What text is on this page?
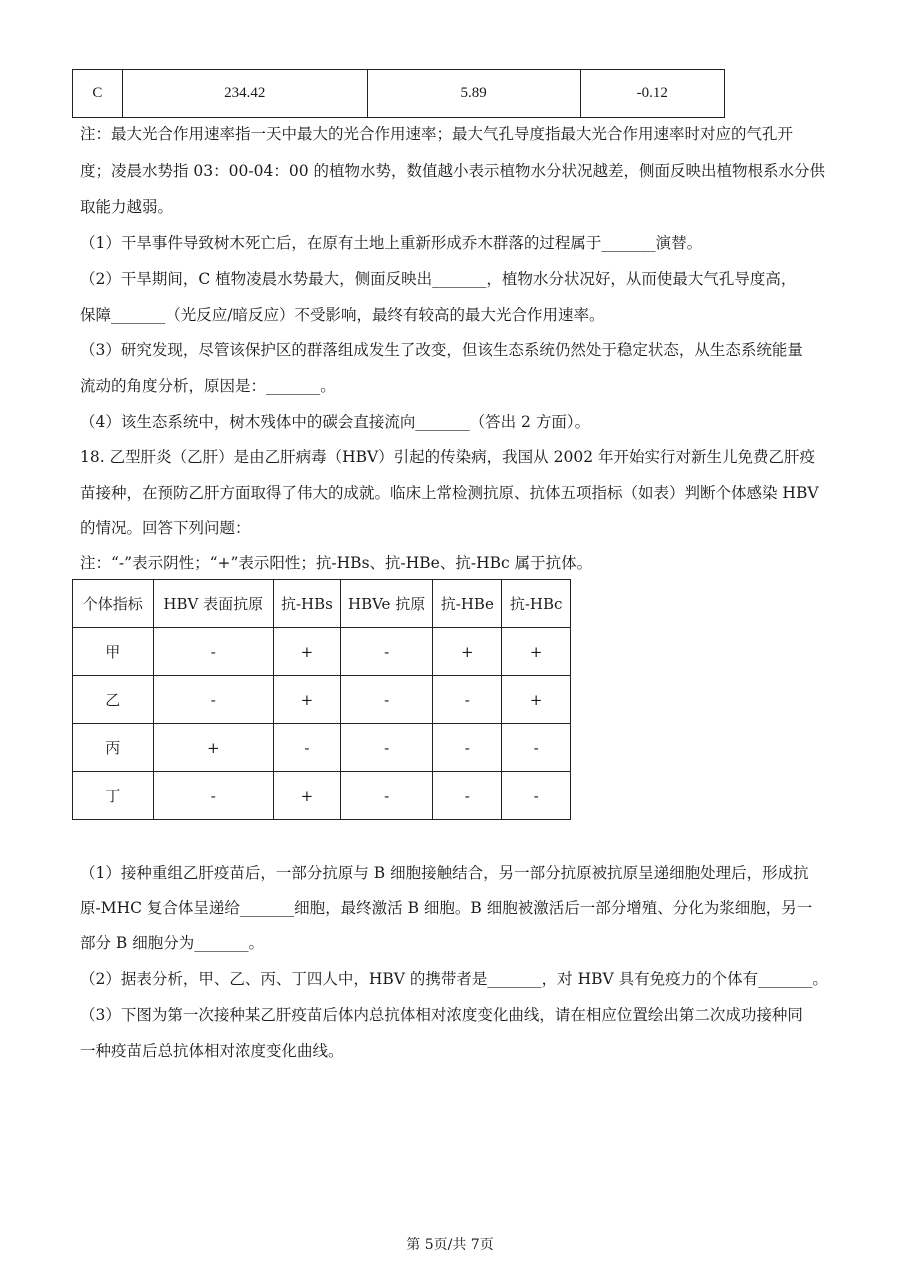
C	234.42	5.89	-0.12
注：最大光合作用速率指一天中最大的光合作用速率；最大气孔导度指最大光合作用速率时对应的气孔开
度；凌晨水势指 03：00-04：00 的植物水势，数值越小表示植物水分状况越差，侧面反映出植物根系水分供
取能力越弱。
（1）干旱事件导致树木死亡后，在原有土地上重新形成乔木群落的过程属于_______演替。
（2）干旱期间，C 植物凌晨水势最大，侧面反映出_______，植物水分状况好，从而使最大气孔导度高，
保障_______（光反应/暗反应）不受影响，最终有较高的最大光合作用速率。
（3）研究发现，尽管该保护区的群落组成发生了改变，但该生态系统仍然处于稳定状态，从生态系统能量
流动的角度分析，原因是：_______。
（4）该生态系统中，树木残体中的碳会直接流向_______（答出 2 方面）。
18. 乙型肝炎（乙肝）是由乙肝病毒（HBV）引起的传染病，我国从 2002 年开始实行对新生儿免费乙肝疫
苗接种，在预防乙肝方面取得了伟大的成就。临床上常检测抗原、抗体五项指标（如表）判断个体感染 HBV
的情况。回答下列问题：
注：“-”表示阴性；“+”表示阳性；抗-HBs、抗-HBe、抗-HBc 属于抗体。
个体指标	HBV 表面抗原	抗-HBs	HBVe 抗原	抗-HBe	抗-HBc
甲	-	+	-	+	+
乙	-	+	-	-	+
丙	+	-	-	-	-
丁	-	+	-	-	-
（1）接种重组乙肝疫苗后，一部分抗原与 B 细胞接触结合，另一部分抗原被抗原呈递细胞处理后，形成抗
原-MHC 复合体呈递给_______细胞，最终激活 B 细胞。B 细胞被激活后一部分增殖、分化为浆细胞，另一
部分 B 细胞分为_______。
（2）据表分析，甲、乙、丙、丁四人中，HBV 的携带者是_______，对 HBV 具有免疫力的个体有_______。
（3）下图为第一次接种某乙肝疫苗后体内总抗体相对浓度变化曲线，请在相应位置绘出第二次成功接种同
一种疫苗后总抗体相对浓度变化曲线。
第 5页/共 7页
